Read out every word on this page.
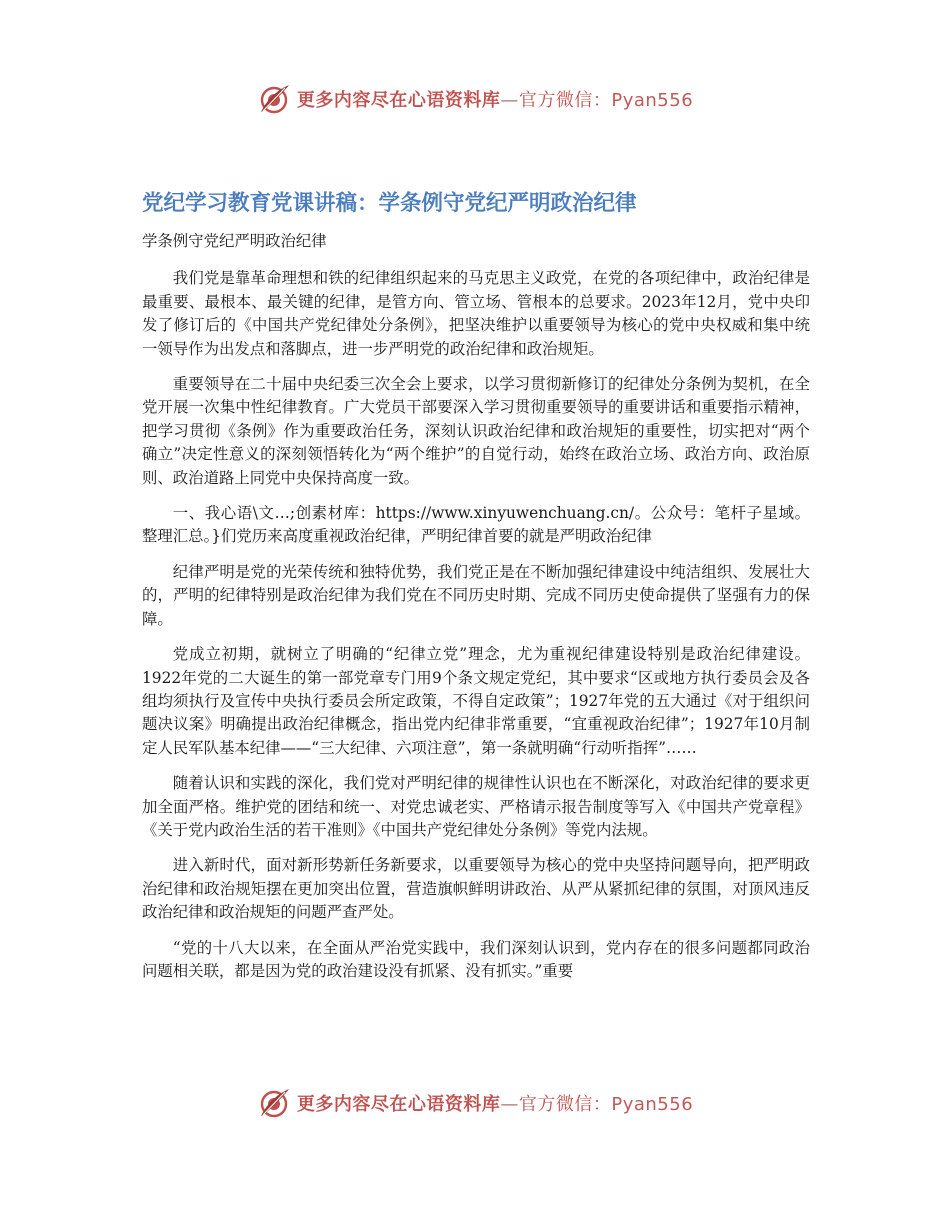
更多内容尽在心语资料库—官方微信：Pyan556
党纪学习教育党课讲稿：学条例守党纪严明政治纪律

学条例守党纪严明政治纪律

我们党是靠革命理想和铁的纪律组织起来的马克思主义政党，在党的各项纪律中，政治纪律是最重要、最根本、最关键的纪律，是管方向、管立场、管根本的总要求。2023年12月，党中央印发了修订后的《中国共产党纪律处分条例》，把坚决维护以重要领导为核心的党中央权威和集中统一领导作为出发点和落脚点，进一步严明党的政治纪律和政治规矩。

重要领导在二十届中央纪委三次全会上要求，以学习贯彻新修订的纪律处分条例为契机，在全党开展一次集中性纪律教育。广大党员干部要深入学习贯彻重要领导的重要讲话和重要指示精神，把学习贯彻《条例》作为重要政治任务，深刻认识政治纪律和政治规矩的重要性，切实把对“两个确立”决定性意义的深刻领悟转化为“两个维护”的自觉行动，始终在政治立场、政治方向、政治原则、政治道路上同党中央保持高度一致。

一、我心语\文…;创素材库：https://www.xinyuwenchuang.cn/。公众号：笔杆子星域。整理汇总。}们党历来高度重视政治纪律，严明纪律首要的就是严明政治纪律

纪律严明是党的光荣传统和独特优势，我们党正是在不断加强纪律建设中纯洁组织、发展壮大的，严明的纪律特别是政治纪律为我们党在不同历史时期、完成不同历史使命提供了坚强有力的保障。

党成立初期，就树立了明确的“纪律立党”理念，尤为重视纪律建设特别是政治纪律建设。1922年党的二大诞生的第一部党章专门用9个条文规定党纪，其中要求“区或地方执行委员会及各组均须执行及宣传中央执行委员会所定政策，不得自定政策”；1927年党的五大通过《对于组织问题决议案》明确提出政治纪律概念，指出党内纪律非常重要，“宜重视政治纪律”；1927年10月制定人民军队基本纪律——“三大纪律、六项注意”，第一条就明确“行动听指挥”……

随着认识和实践的深化，我们党对严明纪律的规律性认识也在不断深化，对政治纪律的要求更加全面严格。维护党的团结和统一、对党忠诚老实、严格请示报告制度等写入《中国共产党章程》《关于党内政治生活的若干准则》《中国共产党纪律处分条例》等党内法规。

进入新时代，面对新形势新任务新要求，以重要领导为核心的党中央坚持问题导向，把严明政治纪律和政治规矩摆在更加突出位置，营造旗帜鲜明讲政治、从严从紧抓纪律的氛围，对顶风违反政治纪律和政治规矩的问题严查严处。

“党的十八大以来，在全面从严治党实践中，我们深刻认识到，党内存在的很多问题都同政治问题相关联，都是因为党的政治建设没有抓紧、没有抓实。”重要

更多内容尽在心语资料库—官方微信：Pyan556
